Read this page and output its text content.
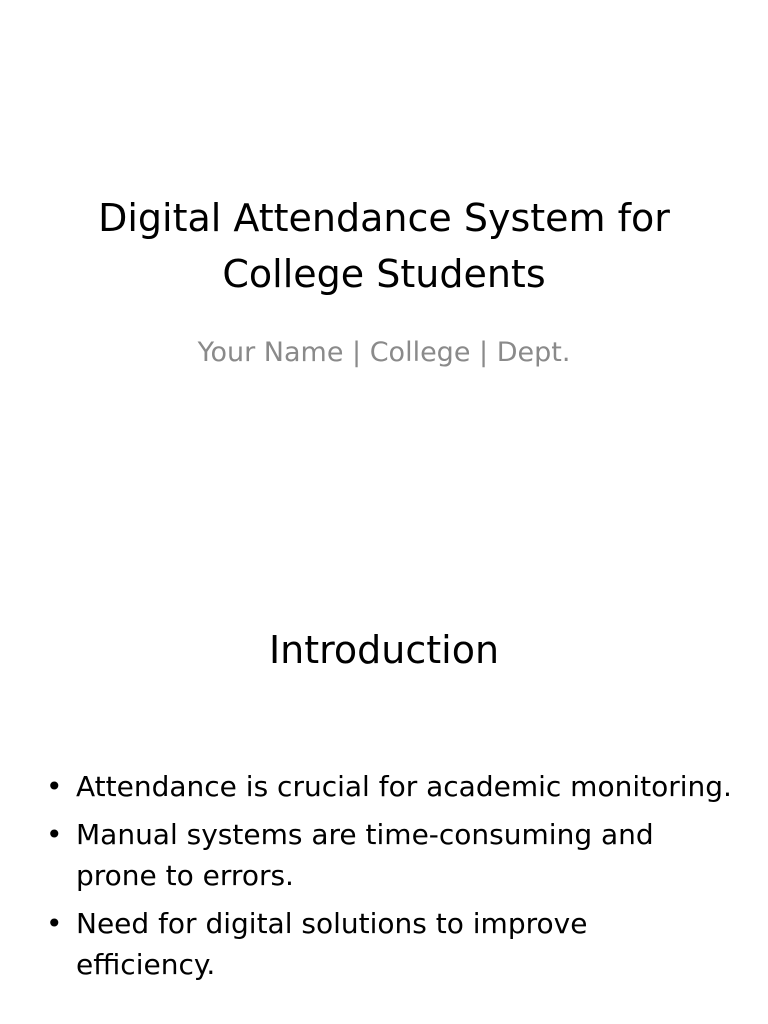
Digital Attendance System for
College Students
Your Name | College | Dept.
Introduction
• Attendance is crucial for academic monitoring.
• Manual systems are time-consuming and prone to errors.
• Need for digital solutions to improve efficiency.
